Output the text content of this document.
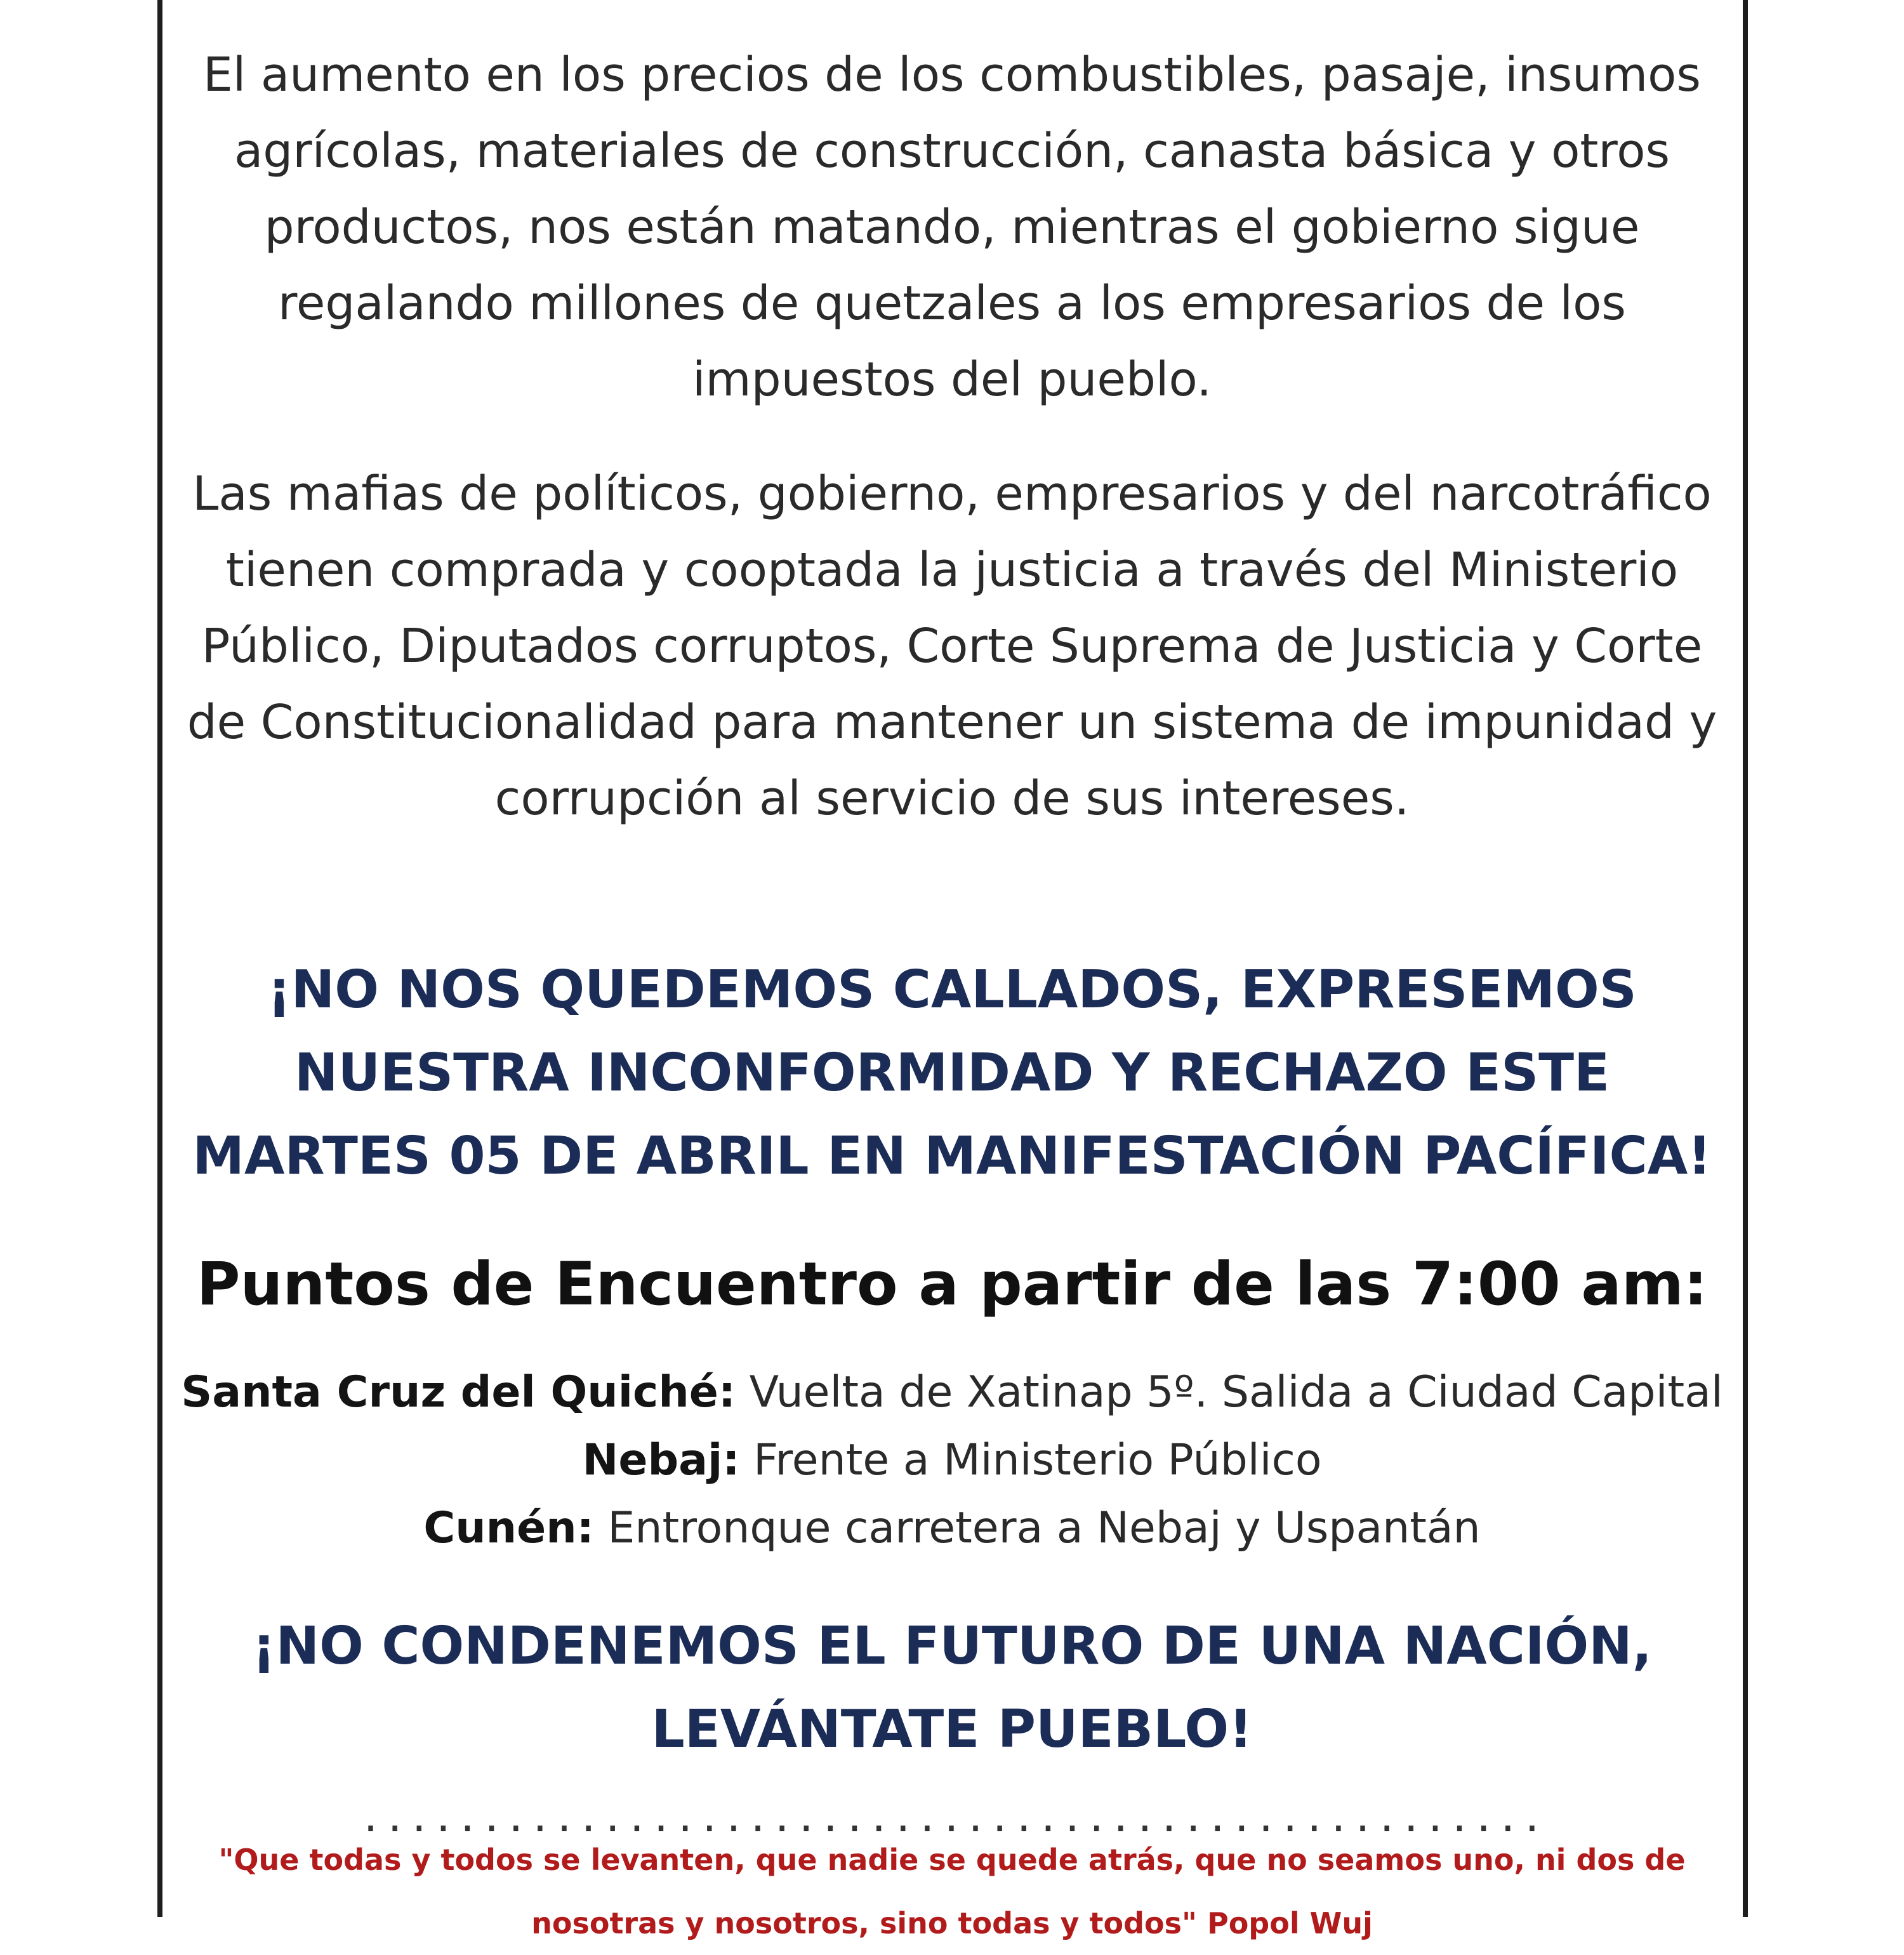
El aumento en los precios de los combustibles, pasaje, insumos agrícolas, materiales de construcción, canasta básica y otros productos, nos están matando, mientras el gobierno sigue regalando millones de quetzales a los empresarios de los impuestos del pueblo.

Las mafias de políticos, gobierno, empresarios y del narcotráfico tienen comprada y cooptada la justicia a través del Ministerio Público, Diputados corruptos, Corte Suprema de Justicia y Corte de Constitucionalidad para mantener un sistema de impunidad y corrupción al servicio de sus intereses.

¡NO NOS QUEDEMOS CALLADOS, EXPRESEMOS NUESTRA INCONFORMIDAD Y RECHAZO ESTE MARTES 05 DE ABRIL EN MANIFESTACIÓN PACÍFICA!

Puntos de Encuentro a partir de las 7:00 am:

Santa Cruz del Quiché: Vuelta de Xatinap 5º. Salida a Ciudad Capital
Nebaj: Frente a Ministerio Público
Cunén: Entronque carretera a Nebaj y Uspantán

¡NO CONDENEMOS EL FUTURO DE UNA NACIÓN, LEVÁNTATE PUEBLO!

.................................................

"Que todas y todos se levanten, que nadie se quede atrás, que no seamos uno, ni dos de nosotras y nosotros, sino todas y todos" Popol Wuj
